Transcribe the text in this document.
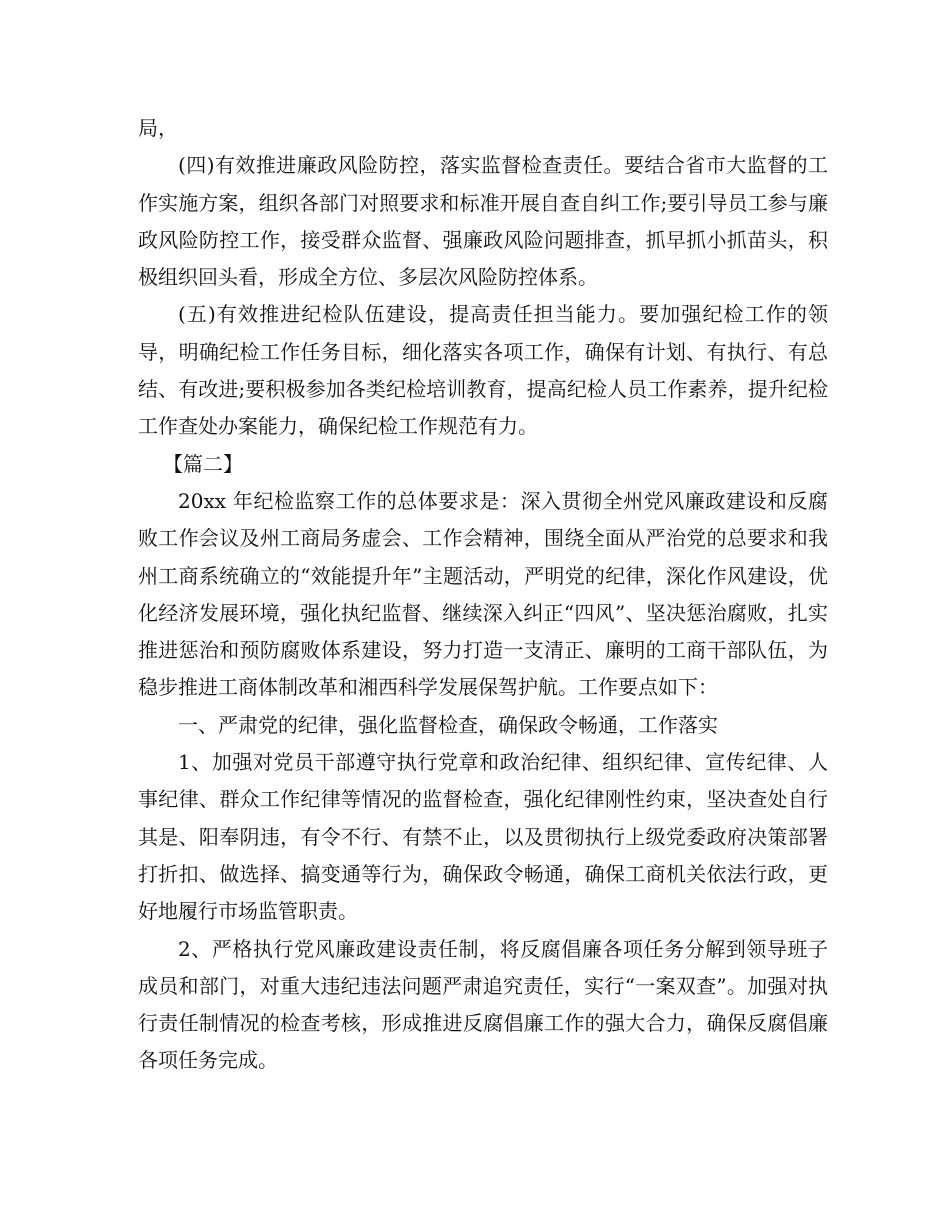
局，

(四)有效推进廉政风险防控，落实监督检查责任。要结合省市大监督的工作实施方案，组织各部门对照要求和标准开展自查自纠工作;要引导员工参与廉政风险防控工作，接受群众监督、强廉政风险问题排查，抓早抓小抓苗头，积极组织回头看，形成全方位、多层次风险防控体系。

(五)有效推进纪检队伍建设，提高责任担当能力。要加强纪检工作的领导，明确纪检工作任务目标，细化落实各项工作，确保有计划、有执行、有总结、有改进;要积极参加各类纪检培训教育，提高纪检人员工作素养，提升纪检工作查处办案能力，确保纪检工作规范有力。

【篇二】

20xx 年纪检监察工作的总体要求是：深入贯彻全州党风廉政建设和反腐败工作会议及州工商局务虚会、工作会精神，围绕全面从严治党的总要求和我州工商系统确立的“效能提升年”主题活动，严明党的纪律，深化作风建设，优化经济发展环境，强化执纪监督、继续深入纠正“四风”、坚决惩治腐败，扎实推进惩治和预防腐败体系建设，努力打造一支清正、廉明的工商干部队伍，为稳步推进工商体制改革和湘西科学发展保驾护航。工作要点如下：

一、严肃党的纪律，强化监督检查，确保政令畅通，工作落实

1、加强对党员干部遵守执行党章和政治纪律、组织纪律、宣传纪律、人事纪律、群众工作纪律等情况的监督检查，强化纪律刚性约束，坚决查处自行其是、阳奉阴违，有令不行、有禁不止，以及贯彻执行上级党委政府决策部署打折扣、做选择、搞变通等行为，确保政令畅通，确保工商机关依法行政，更好地履行市场监管职责。

2、严格执行党风廉政建设责任制，将反腐倡廉各项任务分解到领导班子成员和部门，对重大违纪违法问题严肃追究责任，实行“一案双查”。加强对执行责任制情况的检查考核，形成推进反腐倡廉工作的强大合力，确保反腐倡廉各项任务完成。
